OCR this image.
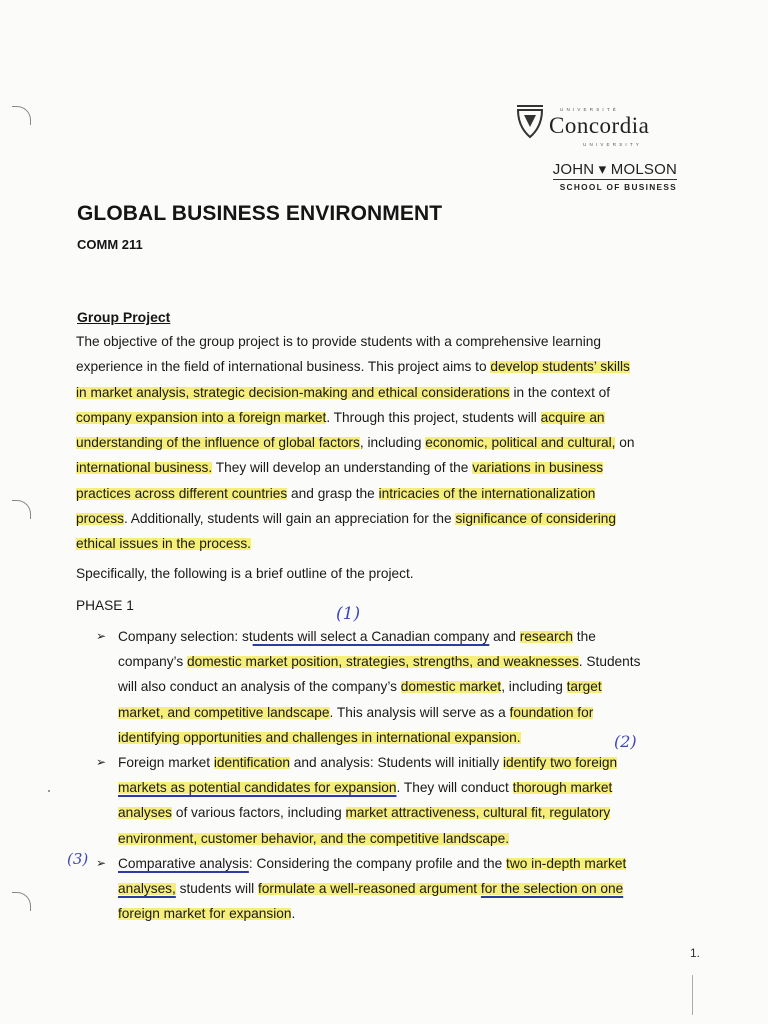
UNIVERSITÉ
Concordia
UNIVERSITY
JOHN ▾ MOLSON
SCHOOL OF BUSINESS
GLOBAL BUSINESS ENVIRONMENT
COMM 211
Group Project
The objective of the group project is to provide students with a comprehensive learning
experience in the field of international business. This project aims to develop students’ skills
in market analysis, strategic decision-making and ethical considerations in the context of
company expansion into a foreign market. Through this project, students will acquire an
understanding of the influence of global factors, including economic, political and cultural, on
international business. They will develop an understanding of the variations in business
practices across different countries and grasp the intricacies of the internationalization
process. Additionally, students will gain an appreciation for the significance of considering
ethical issues in the process.
Specifically, the following is a brief outline of the project.
PHASE 1
➢ Company selection: students will select a Canadian company and research the
company’s domestic market position, strategies, strengths, and weaknesses. Students
will also conduct an analysis of the company’s domestic market, including target
market, and competitive landscape. This analysis will serve as a foundation for
identifying opportunities and challenges in international expansion.
➢ Foreign market identification and analysis: Students will initially identify two foreign
markets as potential candidates for expansion. They will conduct thorough market
analyses of various factors, including market attractiveness, cultural fit, regulatory
environment, customer behavior, and the competitive landscape.
➢ Comparative analysis: Considering the company profile and the two in-depth market
analyses, students will formulate a well-reasoned argument for the selection on one
foreign market for expansion.
(1)
(2)
(3)
1.
